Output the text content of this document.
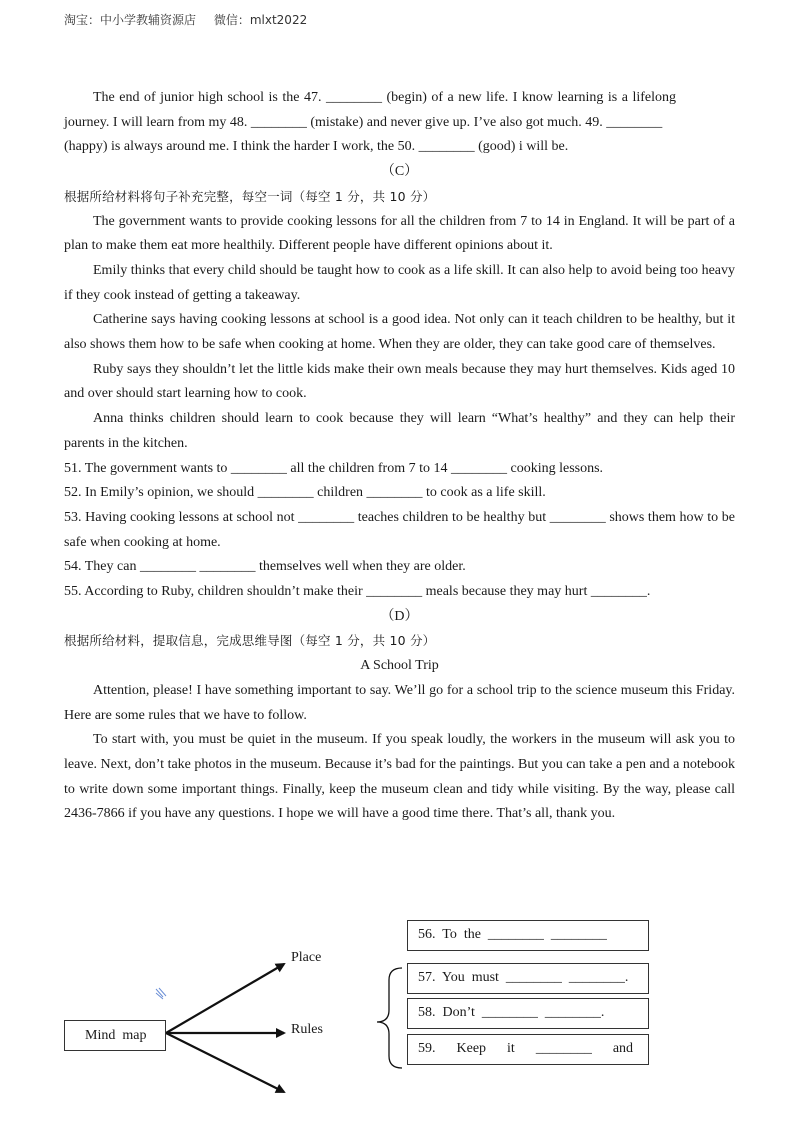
淘宝：中小学教辅资源店 微信：mlxt2022

The end of junior high school is the 47. ________ (begin) of a new life. I know learning is a lifelong

journey. I will learn from my 48. ________ (mistake) and never give up. I’ve also got much. 49. ________

(happy) is always around me. I think the harder I work, the 50. ________ (good) i will be.

（C）

根据所给材料将句子补充完整，每空一词（每空 1 分，共 10 分）

The government wants to provide cooking lessons for all the children from 7 to 14 in England. It will be part of a plan to make them eat more healthily. Different people have different opinions about it.

Emily thinks that every child should be taught how to cook as a life skill. It can also help to avoid being too heavy if they cook instead of getting a takeaway.

Catherine says having cooking lessons at school is a good idea. Not only can it teach children to be healthy, but it also shows them how to be safe when cooking at home. When they are older, they can take good care of themselves.

Ruby says they shouldn’t let the little kids make their own meals because they may hurt themselves. Kids aged 10 and over should start learning how to cook.

Anna thinks children should learn to cook because they will learn “What’s healthy” and they can help their parents in the kitchen.

51. The government wants to ________ all the children from 7 to 14 ________ cooking lessons.

52. In Emily’s opinion, we should ________ children ________ to cook as a life skill.

53. Having cooking lessons at school not ________ teaches children to be healthy but ________ shows them how to be safe when cooking at home.

54. They can ________ ________ themselves well when they are older.

55. According to Ruby, children shouldn’t make their ________ meals because they may hurt ________.

（D）

根据所给材料，提取信息，完成思维导图（每空 1 分，共 10 分）

A School Trip

Attention, please! I have something important to say. We’ll go for a school trip to the science museum this Friday. Here are some rules that we have to follow.

To start with, you must be quiet in the museum. If you speak loudly, the workers in the museum will ask you to leave. Next, don’t take photos in the museum. Because it’s bad for the paintings. But you can take a pen and a notebook to write down some important things. Finally, keep the museum clean and tidy while visiting. By the way, please call 2436-7866 if you have any questions. I hope we will have a good time there. That’s all, thank you.

Mind  map
Place
Rules
56.  To  the  ________  ________
57.  You  must  ________  ________.
58.  Don’t  ________  ________.
59.      Keep      it      ________      and
